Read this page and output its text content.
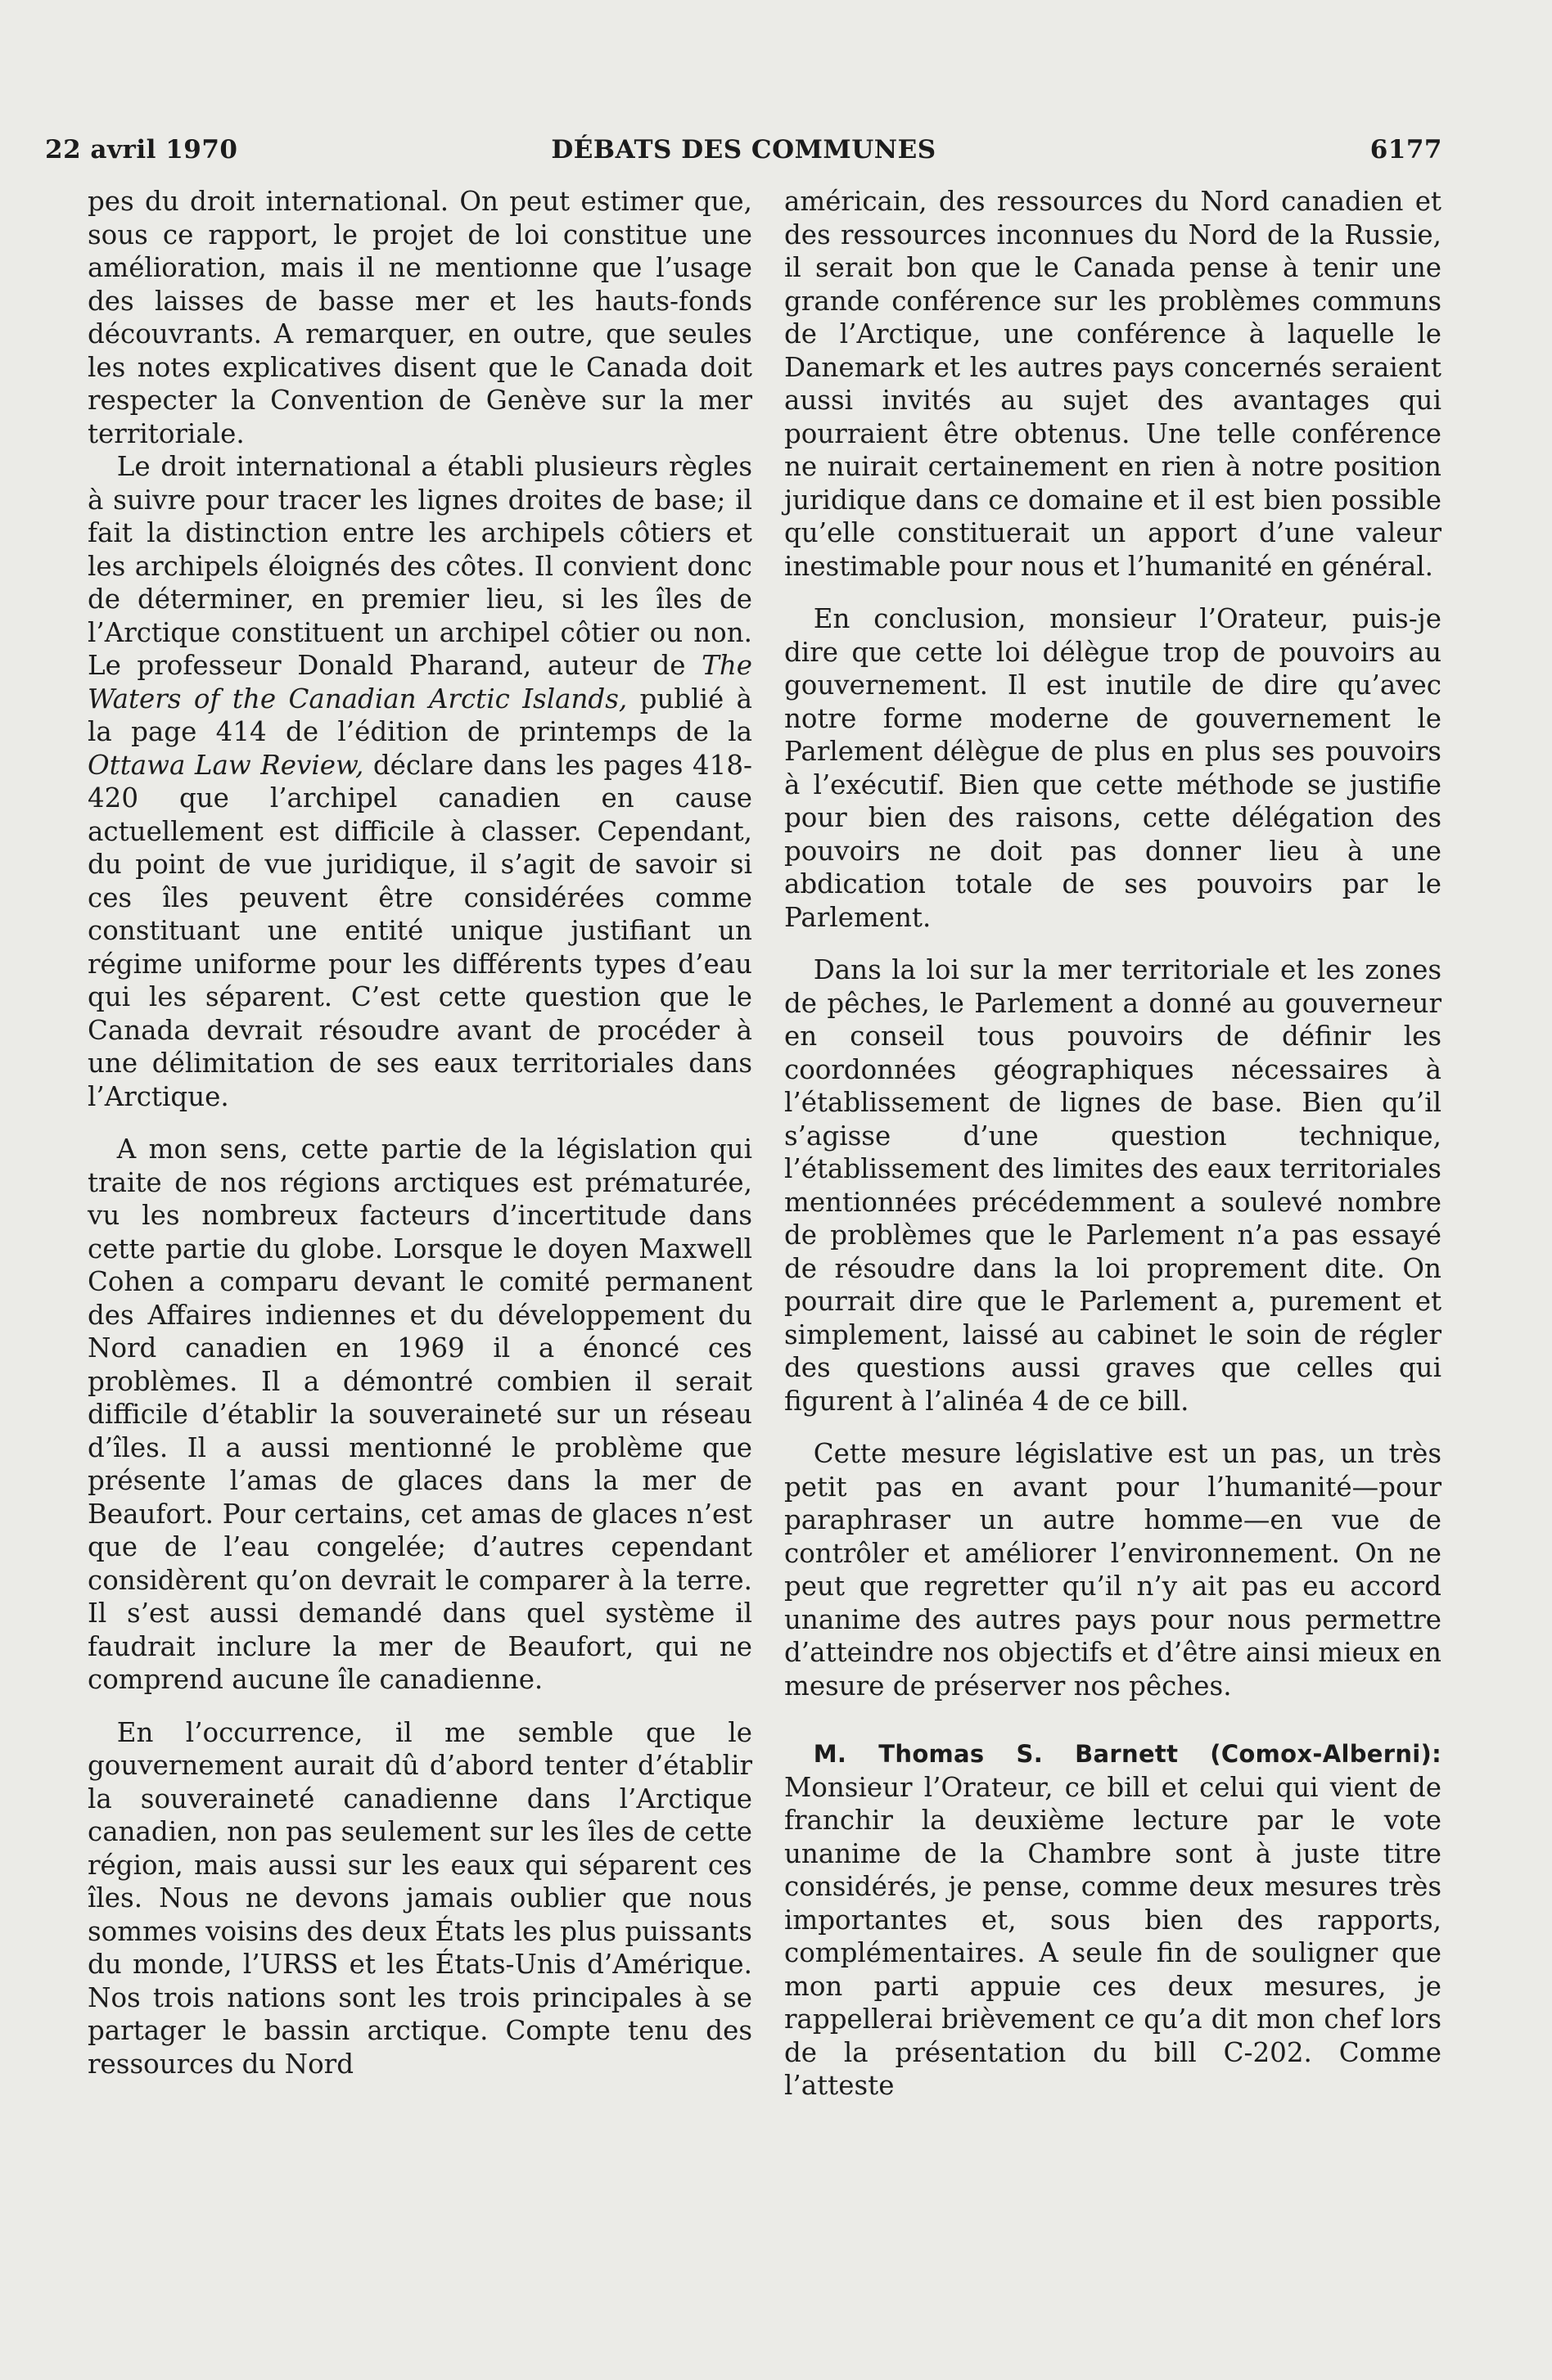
22 avril 1970	DÉBATS DES COMMUNES	6177

pes du droit international. On peut estimer que, sous ce rapport, le projet de loi constitue une amélioration, mais il ne mentionne que l’usage des laisses de basse mer et les hauts-fonds découvrants. A remarquer, en outre, que seules les notes explicatives disent que le Canada doit respecter la Convention de Genève sur la mer territoriale.

Le droit international a établi plusieurs règles à suivre pour tracer les lignes droites de base; il fait la distinction entre les archipels côtiers et les archipels éloignés des côtes. Il convient donc de déterminer, en premier lieu, si les îles de l’Arctique constituent un archipel côtier ou non. Le professeur Donald Pharand, auteur de The Waters of the Canadian Arctic Islands, publié à la page 414 de l’édition de printemps de la Ottawa Law Review, déclare dans les pages 418-420 que l’archipel canadien en cause actuellement est difficile à classer. Cependant, du point de vue juridique, il s’agit de savoir si ces îles peuvent être considérées comme constituant une entité unique justifiant un régime uniforme pour les différents types d’eau qui les séparent. C’est cette question que le Canada devrait résoudre avant de procéder à une délimitation de ses eaux territoriales dans l’Arctique.

A mon sens, cette partie de la législation qui traite de nos régions arctiques est prématurée, vu les nombreux facteurs d’incertitude dans cette partie du globe. Lorsque le doyen Maxwell Cohen a comparu devant le comité permanent des Affaires indiennes et du développement du Nord canadien en 1969 il a énoncé ces problèmes. Il a démontré combien il serait difficile d’établir la souveraineté sur un réseau d’îles. Il a aussi mentionné le problème que présente l’amas de glaces dans la mer de Beaufort. Pour certains, cet amas de glaces n’est que de l’eau congelée; d’autres cependant considèrent qu’on devrait le comparer à la terre. Il s’est aussi demandé dans quel système il faudrait inclure la mer de Beaufort, qui ne comprend aucune île canadienne.

En l’occurrence, il me semble que le gouvernement aurait dû d’abord tenter d’établir la souveraineté canadienne dans l’Arctique canadien, non pas seulement sur les îles de cette région, mais aussi sur les eaux qui séparent ces îles. Nous ne devons jamais oublier que nous sommes voisins des deux États les plus puissants du monde, l’URSS et les États-Unis d’Amérique. Nos trois nations sont les trois principales à se partager le bassin arctique. Compte tenu des ressources du Nord

américain, des ressources du Nord canadien et des ressources inconnues du Nord de la Russie, il serait bon que le Canada pense à tenir une grande conférence sur les problèmes communs de l’Arctique, une conférence à laquelle le Danemark et les autres pays concernés seraient aussi invités au sujet des avantages qui pourraient être obtenus. Une telle conférence ne nuirait certainement en rien à notre position juridique dans ce domaine et il est bien possible qu’elle constituerait un apport d’une valeur inestimable pour nous et l’humanité en général.

En conclusion, monsieur l’Orateur, puis-je dire que cette loi délègue trop de pouvoirs au gouvernement. Il est inutile de dire qu’avec notre forme moderne de gouvernement le Parlement délègue de plus en plus ses pouvoirs à l’exécutif. Bien que cette méthode se justifie pour bien des raisons, cette délégation des pouvoirs ne doit pas donner lieu à une abdication totale de ses pouvoirs par le Parlement.

Dans la loi sur la mer territoriale et les zones de pêches, le Parlement a donné au gouverneur en conseil tous pouvoirs de définir les coordonnées géographiques nécessaires à l’établissement de lignes de base. Bien qu’il s’agisse d’une question technique, l’établissement des limites des eaux territoriales mentionnées précédemment a soulevé nombre de problèmes que le Parlement n’a pas essayé de résoudre dans la loi proprement dite. On pourrait dire que le Parlement a, purement et simplement, laissé au cabinet le soin de régler des questions aussi graves que celles qui figurent à l’alinéa 4 de ce bill.

Cette mesure législative est un pas, un très petit pas en avant pour l’humanité—pour paraphraser un autre homme—en vue de contrôler et améliorer l’environnement. On ne peut que regretter qu’il n’y ait pas eu accord unanime des autres pays pour nous permettre d’atteindre nos objectifs et d’être ainsi mieux en mesure de préserver nos pêches.

M. Thomas S. Barnett (Comox-Alberni): Monsieur l’Orateur, ce bill et celui qui vient de franchir la deuxième lecture par le vote unanime de la Chambre sont à juste titre considérés, je pense, comme deux mesures très importantes et, sous bien des rapports, complémentaires. A seule fin de souligner que mon parti appuie ces deux mesures, je rappellerai brièvement ce qu’a dit mon chef lors de la présentation du bill C-202. Comme l’atteste
